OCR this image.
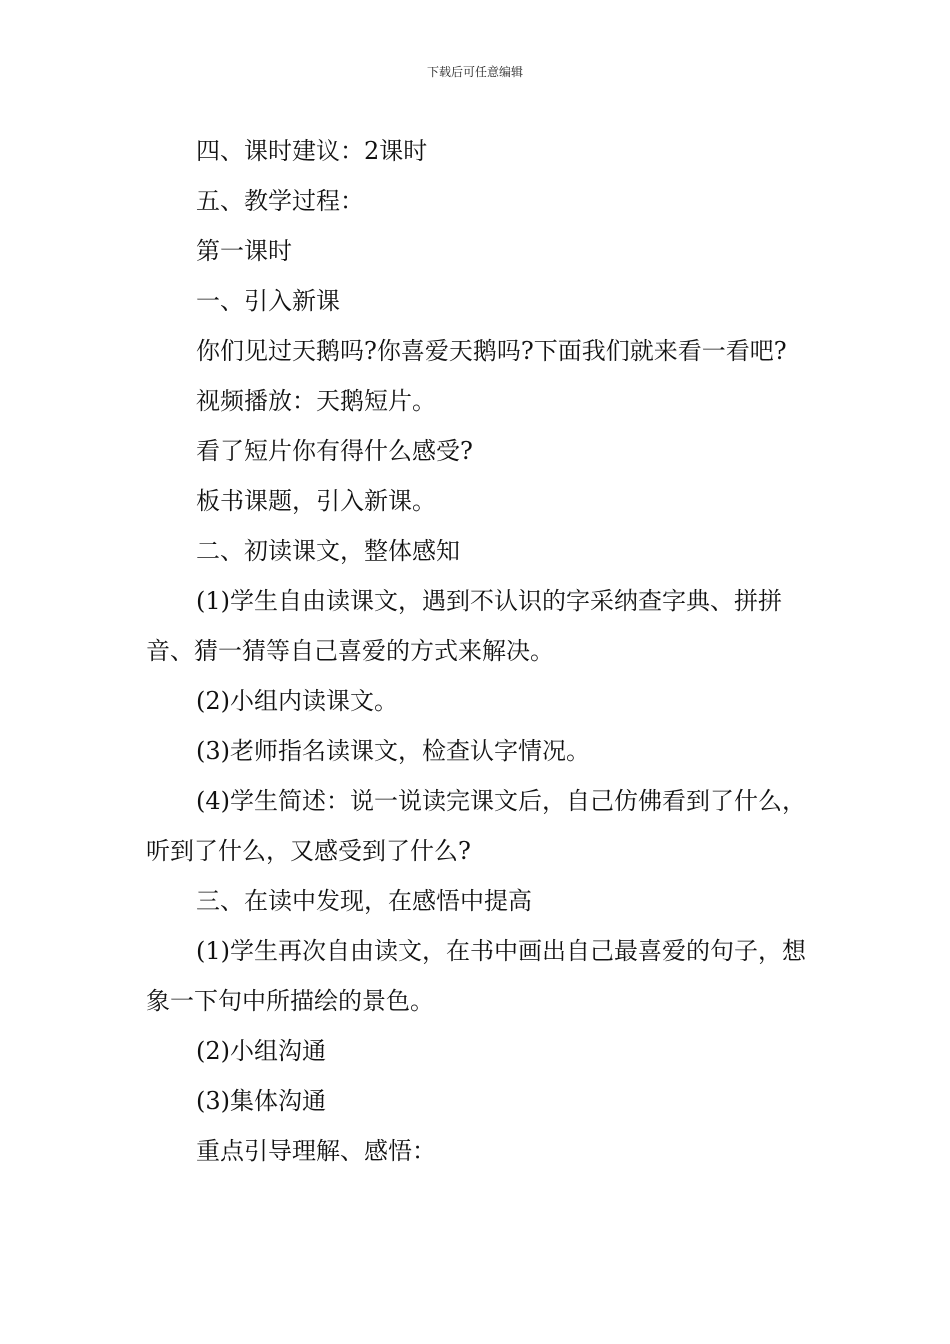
下载后可任意编辑

四、课时建议：2课时

五、教学过程：

第一课时

一、引入新课

你们见过天鹅吗?你喜爱天鹅吗?下面我们就来看一看吧?

视频播放：天鹅短片。

看了短片你有得什么感受?

板书课题，引入新课。

二、初读课文，整体感知

(1)学生自由读课文，遇到不认识的字采纳查字典、拼拼音、猜一猜等自己喜爱的方式来解决。

(2)小组内读课文。

(3)老师指名读课文，检查认字情况。

(4)学生简述：说一说读完课文后，自己仿佛看到了什么，听到了什么，又感受到了什么?

三、在读中发现，在感悟中提高

(1)学生再次自由读文，在书中画出自己最喜爱的句子，想象一下句中所描绘的景色。

(2)小组沟通

(3)集体沟通

重点引导理解、感悟：
